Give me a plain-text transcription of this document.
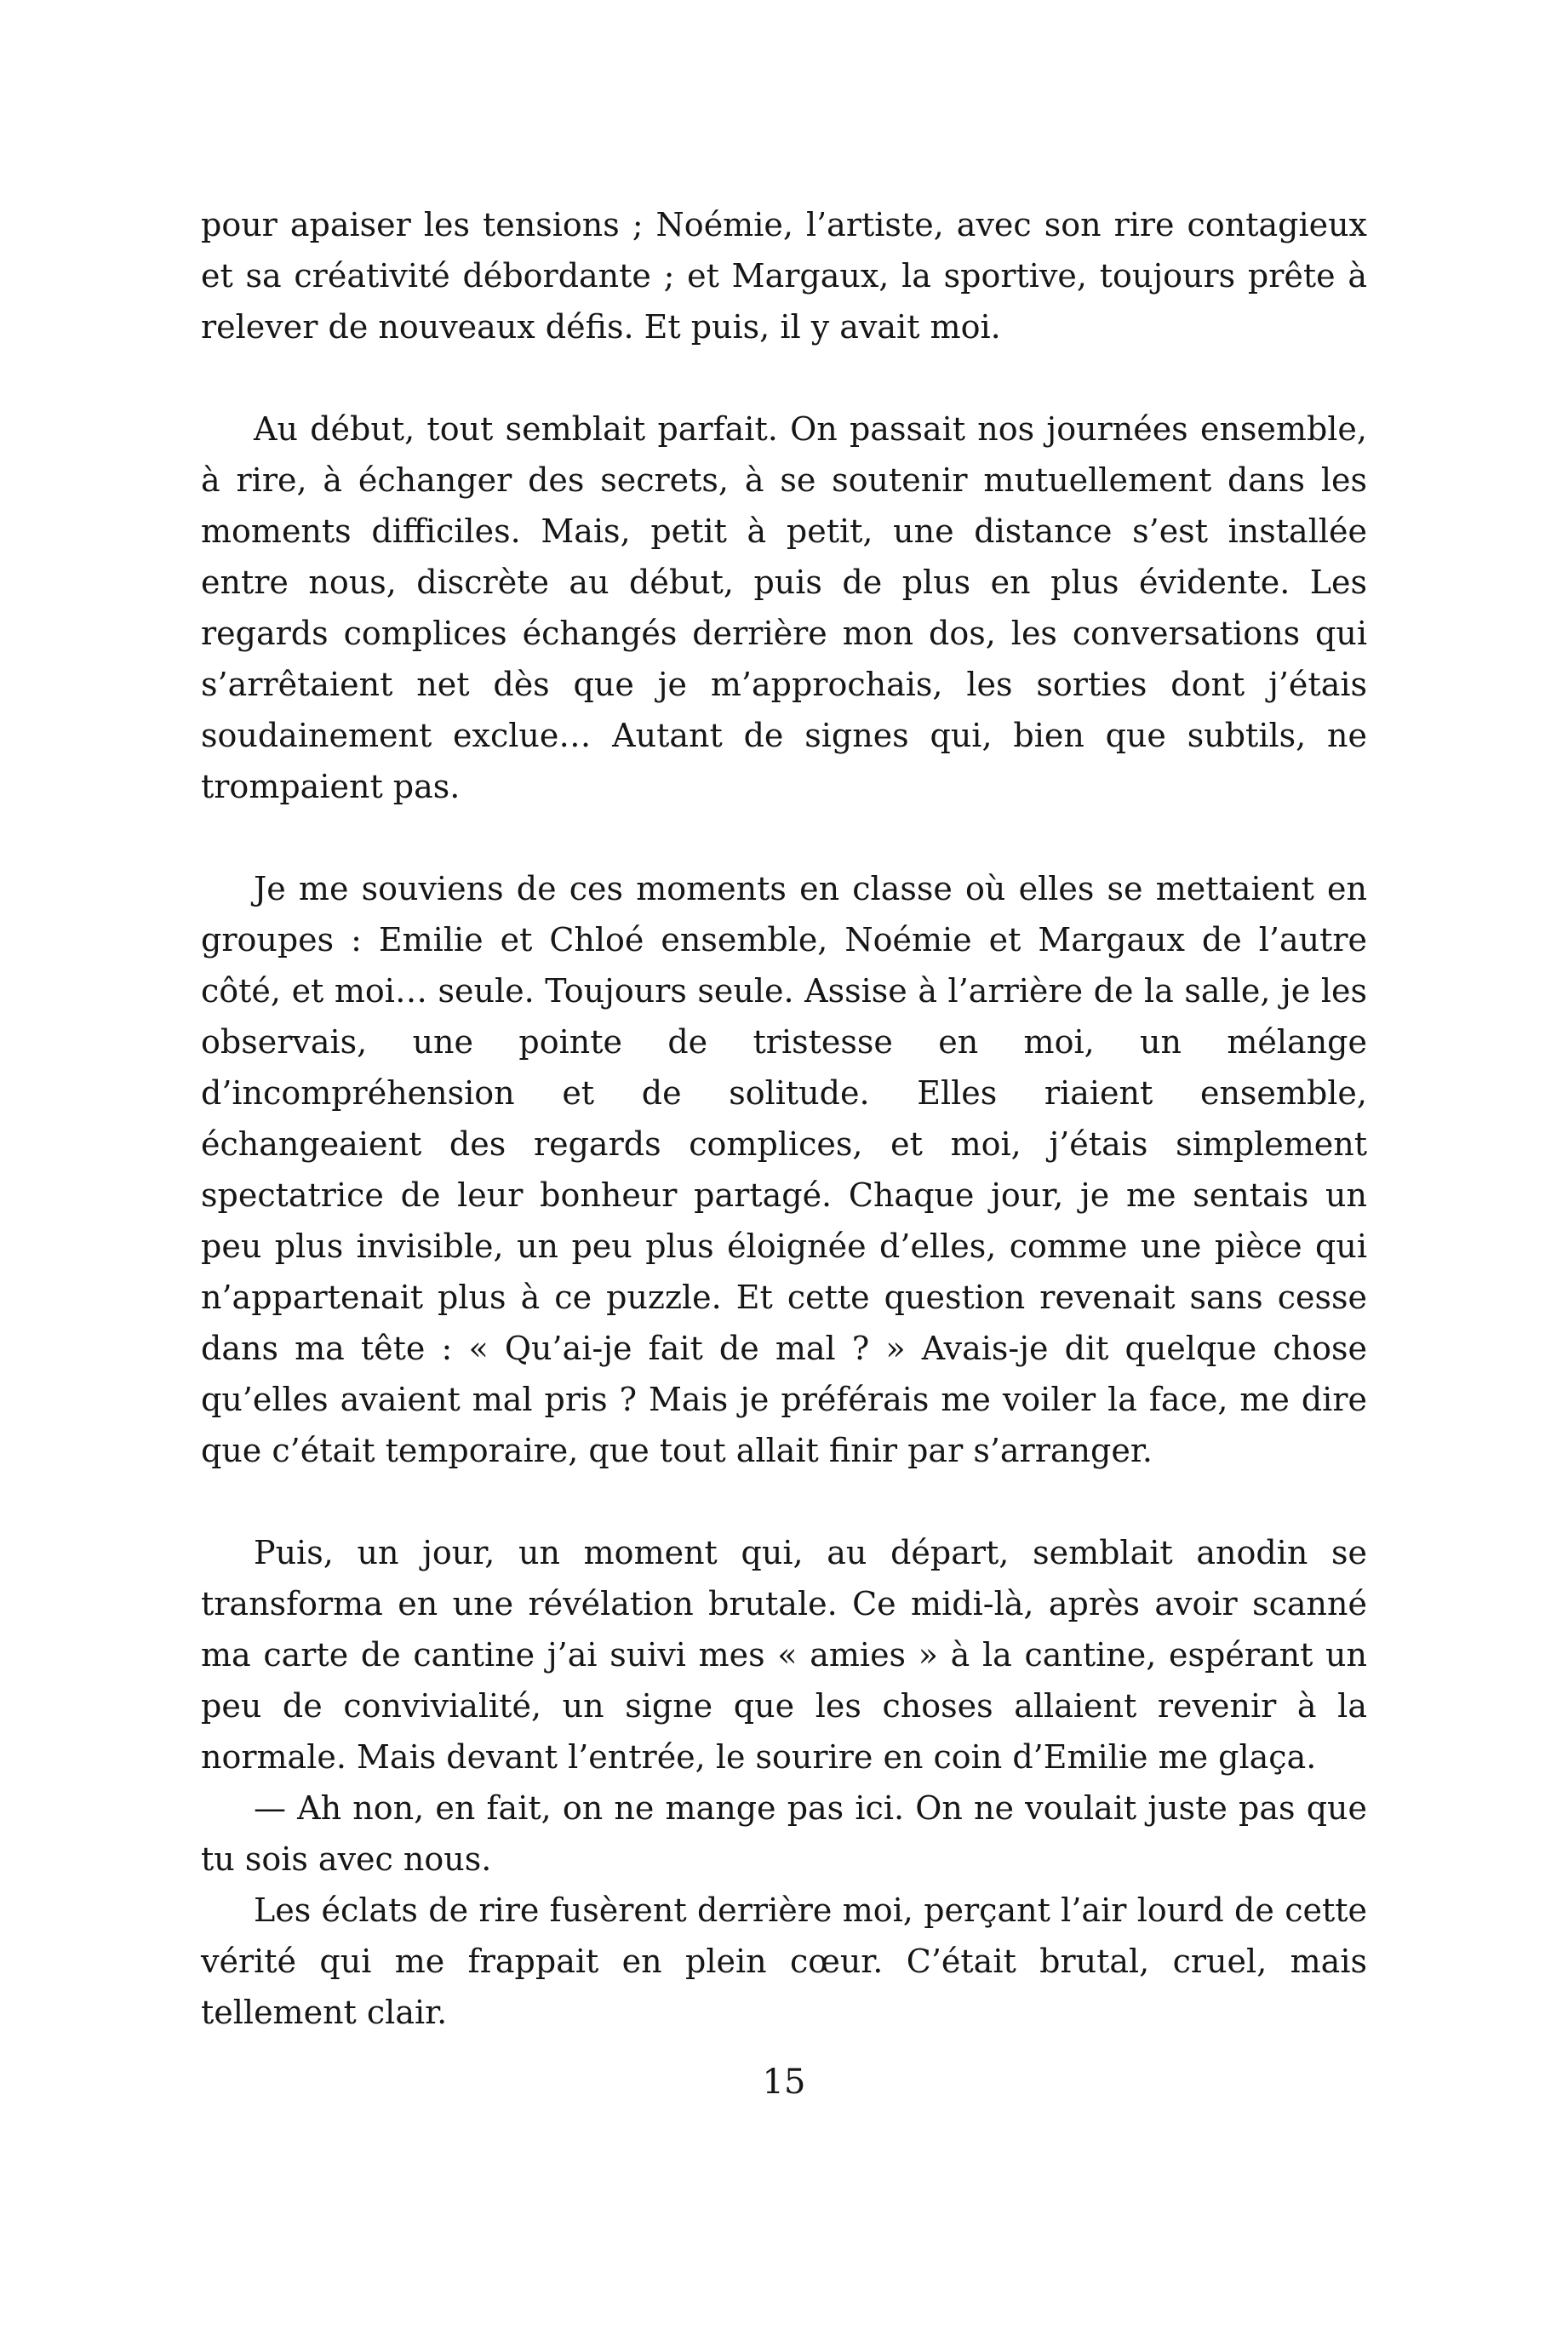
pour apaiser les tensions ; Noémie, l’artiste, avec son rire contagieux et sa créativité débordante ; et Margaux, la sportive, toujours prête à relever de nouveaux défis. Et puis, il y avait moi.

Au début, tout semblait parfait. On passait nos journées ensemble, à rire, à échanger des secrets, à se soutenir mutuellement dans les moments difficiles. Mais, petit à petit, une distance s’est installée entre nous, discrète au début, puis de plus en plus évidente. Les regards complices échangés derrière mon dos, les conversations qui s’arrêtaient net dès que je m’approchais, les sorties dont j’étais soudainement exclue… Autant de signes qui, bien que subtils, ne trompaient pas.

Je me souviens de ces moments en classe où elles se mettaient en groupes : Emilie et Chloé ensemble, Noémie et Margaux de l’autre côté, et moi… seule. Toujours seule. Assise à l’arrière de la salle, je les observais, une pointe de tristesse en moi, un mélange d’incompréhension et de solitude. Elles riaient ensemble, échangeaient des regards complices, et moi, j’étais simplement spectatrice de leur bonheur partagé. Chaque jour, je me sentais un peu plus invisible, un peu plus éloignée d’elles, comme une pièce qui n’appartenait plus à ce puzzle. Et cette question revenait sans cesse dans ma tête : « Qu’ai-je fait de mal ? » Avais-je dit quelque chose qu’elles avaient mal pris ? Mais je préférais me voiler la face, me dire que c’était temporaire, que tout allait finir par s’arranger.

Puis, un jour, un moment qui, au départ, semblait anodin se transforma en une révélation brutale. Ce midi-là, après avoir scanné ma carte de cantine j’ai suivi mes « amies » à la cantine, espérant un peu de convivialité, un signe que les choses allaient revenir à la normale. Mais devant l’entrée, le sourire en coin d’Emilie me glaça.

— Ah non, en fait, on ne mange pas ici. On ne voulait juste pas que tu sois avec nous.

Les éclats de rire fusèrent derrière moi, perçant l’air lourd de cette vérité qui me frappait en plein cœur. C’était brutal, cruel, mais tellement clair.

15
